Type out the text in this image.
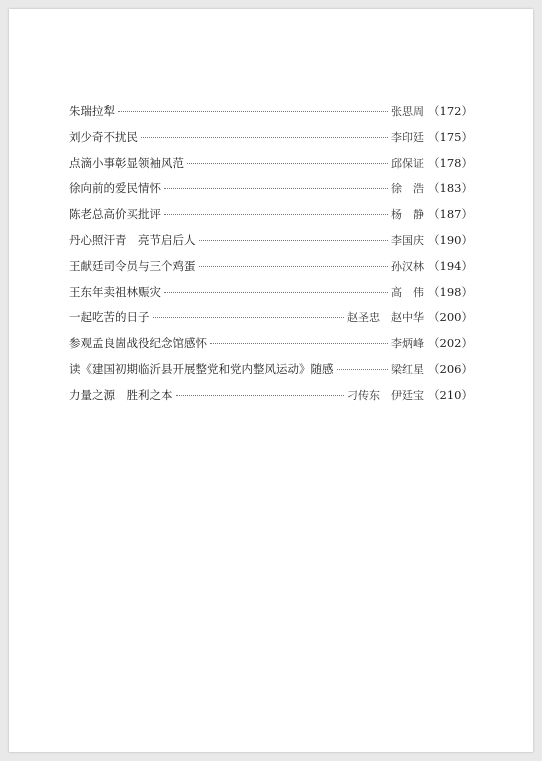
朱瑞拉犁	张思周 （172）
刘少奇不扰民	李印廷 （175）
点滴小事彰显领袖风范	邱保证 （178）
徐向前的爱民情怀	徐　浩 （183）
陈老总高价买批评	杨　静 （187）
丹心照汗青　亮节启后人	李国庆 （190）
王献廷司令员与三个鸡蛋	孙汉林 （194）
王东年卖祖林赈灾	高　伟 （198）
一起吃苦的日子	赵圣忠　赵中华 （200）
参观孟良崮战役纪念馆感怀	李炳峰 （202）
读《建国初期临沂县开展整党和党内整风运动》随感	梁红星 （206）
力量之源　胜利之本	刁传东　伊廷宝 （210）
